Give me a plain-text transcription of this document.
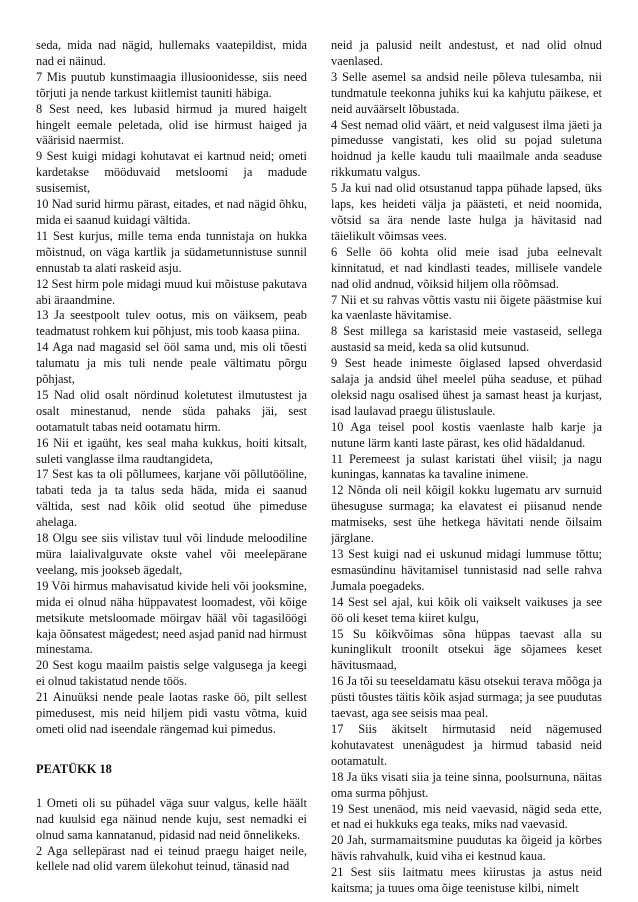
seda, mida nad nägid, hullemaks vaatepildist, mida nad ei näinud.

7 Mis puutub kunstimaagia illusioonidesse, siis need tõrjuti ja nende tarkust kiitlemist tauniti häbiga.

8 Sest need, kes lubasid hirmud ja mured haigelt hingelt eemale peletada, olid ise hirmust haiged ja väärisid naermist.

9 Sest kuigi midagi kohutavat ei kartnud neid; ometi kardetakse mööduvaid metsloomi ja madude susisemist,

10 Nad surid hirmu pärast, eitades, et nad nägid õhku, mida ei saanud kuidagi vältida.

11 Sest kurjus, mille tema enda tunnistaja on hukka mõistnud, on väga kartlik ja südametunnistuse sunnil ennustab ta alati raskeid asju.

12 Sest hirm pole midagi muud kui mõistuse pakutava abi äraandmine.

13 Ja seestpoolt tulev ootus, mis on väiksem, peab teadmatust rohkem kui põhjust, mis toob kaasa piina.

14 Aga nad magasid sel ööl sama und, mis oli tõesti talumatu ja mis tuli nende peale vältimatu põrgu põhjast,

15 Nad olid osalt nördinud koletutest ilmutustest ja osalt minestanud, nende süda pahaks jäi, sest ootamatult tabas neid ootamatu hirm.

16 Nii et igaüht, kes seal maha kukkus, hoiti kitsalt, suleti vanglasse ilma raudtangideta,

17 Sest kas ta oli põllumees, karjane või põllutööline, tabati teda ja ta talus seda häda, mida ei saanud vältida, sest nad kõik olid seotud ühe pimeduse ahelaga.

18 Olgu see siis vilistav tuul või lindude meloodiline müra laialivalguvate okste vahel või meelepärane veelang, mis jookseb ägedalt,

19 Või hirmus mahavisatud kivide heli või jooksmine, mida ei olnud näha hüppavatest loomadest, või kõige metsikute metsloomade möirgav hääl või tagasilöögi kaja õõnsatest mägedest; need asjad panid nad hirmust minestama.

20 Sest kogu maailm paistis selge valgusega ja keegi ei olnud takistatud nende töös.

21 Ainuüksi nende peale laotas raske öö, pilt sellest pimedusest, mis neid hiljem pidi vastu võtma, kuid ometi olid nad iseendale rängemad kui pimedus.

PEATÜKK 18

1 Ometi oli su pühadel väga suur valgus, kelle häält nad kuulsid ega näinud nende kuju, sest nemadki ei olnud sama kannatanud, pidasid nad neid õnnelikeks.

2 Aga sellepärast nad ei teinud praegu haiget neile, kellele nad olid varem ülekohut teinud, tänasid nad

neid ja palusid neilt andestust, et nad olid olnud vaenlased.

3 Selle asemel sa andsid neile põleva tulesamba, nii tundmatule teekonna juhiks kui ka kahjutu päikese, et neid auväärselt lõbustada.

4 Sest nemad olid väärt, et neid valgusest ilma jäeti ja pimedusse vangistati, kes olid su pojad suletuna hoidnud ja kelle kaudu tuli maailmale anda seaduse rikkumatu valgus.

5 Ja kui nad olid otsustanud tappa pühade lapsed, üks laps, kes heideti välja ja päästeti, et neid noomida, võtsid sa ära nende laste hulga ja hävitasid nad täielikult võimsas vees.

6 Selle öö kohta olid meie isad juba eelnevalt kinnitatud, et nad kindlasti teades, millisele vandele nad olid andnud, võiksid hiljem olla rõõmsad.

7 Nii et su rahvas võttis vastu nii õigete päästmise kui ka vaenlaste hävitamise.

8 Sest millega sa karistasid meie vastaseid, sellega austasid sa meid, keda sa olid kutsunud.

9 Sest heade inimeste õiglased lapsed ohverdasid salaja ja andsid ühel meelel püha seaduse, et pühad oleksid nagu osalised ühest ja samast heast ja kurjast, isad laulavad praegu ülistuslaule.

10 Aga teisel pool kostis vaenlaste halb karje ja nutune lärm kanti laste pärast, kes olid hädaldanud.

11 Peremeest ja sulast karistati ühel viisil; ja nagu kuningas, kannatas ka tavaline inimene.

12 Nõnda oli neil kõigil kokku lugematu arv surnuid ühesuguse surmaga; ka elavatest ei piisanud nende matmiseks, sest ühe hetkega hävitati nende õilsaim järglane.

13 Sest kuigi nad ei uskunud midagi lummuse tõttu; esmasündinu hävitamisel tunnistasid nad selle rahva Jumala poegadeks.

14 Sest sel ajal, kui kõik oli vaikselt vaikuses ja see öö oli keset tema kiiret kulgu,

15 Su kõikvõimas sõna hüppas taevast alla su kuninglikult troonilt otsekui äge sõjamees keset hävitusmaad,

16 Ja tõi su teeseldamatu käsu otsekui terava mõõga ja püsti tõustes täitis kõik asjad surmaga; ja see puudutas taevast, aga see seisis maa peal.

17 Siis äkitselt hirmutasid neid nägemused kohutavatest unenägudest ja hirmud tabasid neid ootamatult.

18 Ja üks visati siia ja teine sinna, poolsurnuna, näitas oma surma põhjust.

19 Sest unenäod, mis neid vaevasid, nägid seda ette, et nad ei hukkuks ega teaks, miks nad vaevasid.

20 Jah, surmamaitsmine puudutas ka õigeid ja kõrbes hävis rahvahulk, kuid viha ei kestnud kaua.

21 Sest siis laitmatu mees kiirustas ja astus neid kaitsma; ja tuues oma õige teenistuse kilbi, nimelt
